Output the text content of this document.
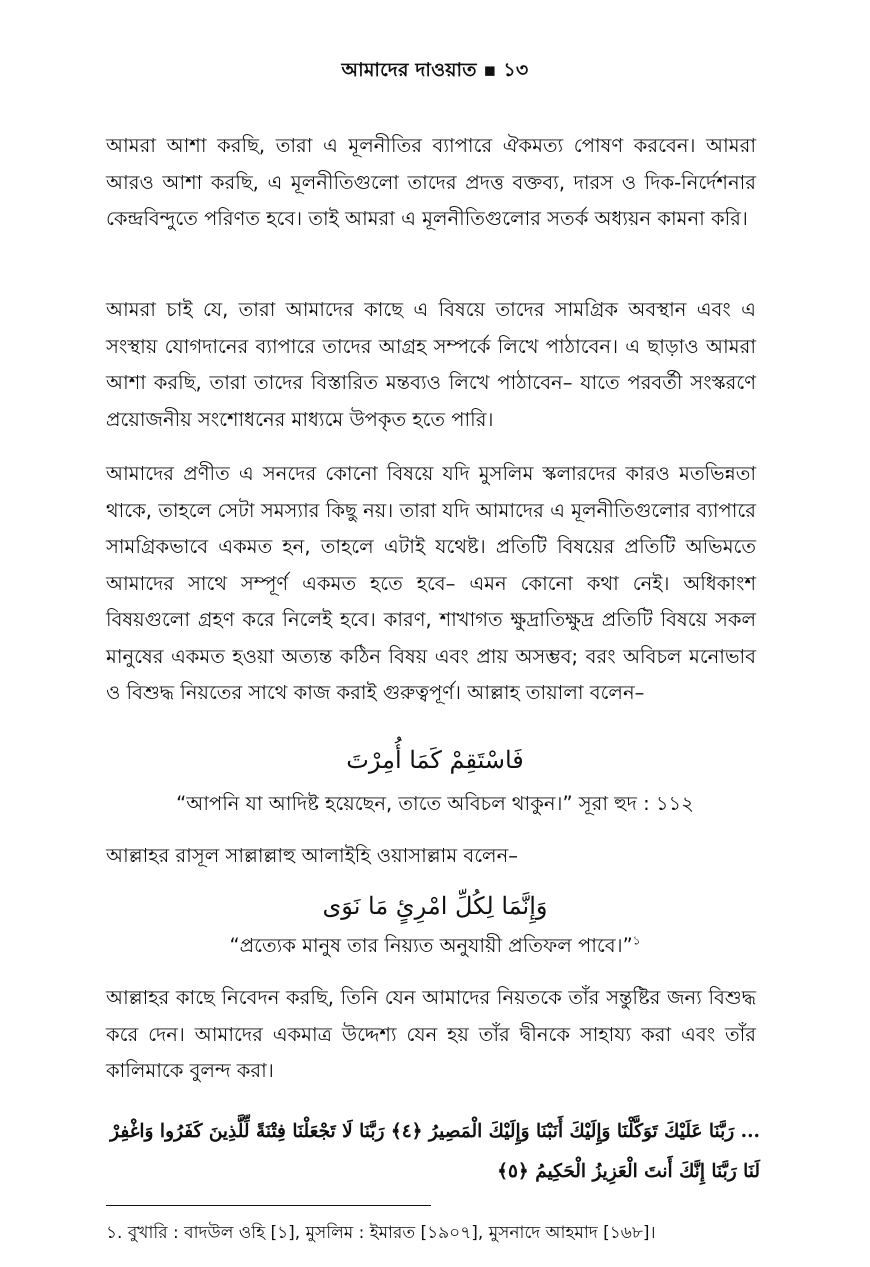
আমাদের দাওয়াত ▪ ১৩

আমরা আশা করছি, তারা এ মূলনীতির ব্যাপারে ঐকমত্য পোষণ করবেন। আমরা আরও আশা করছি, এ মূলনীতিগুলো তাদের প্রদত্ত বক্তব্য, দারস ও দিক-নির্দেশনার কেন্দ্রবিন্দুতে পরিণত হবে। তাই আমরা এ মূলনীতিগুলোর সতর্ক অধ্যয়ন কামনা করি।

আমরা চাই যে, তারা আমাদের কাছে এ বিষয়ে তাদের সামগ্রিক অবস্থান এবং এ সংস্থায় যোগদানের ব্যাপারে তাদের আগ্রহ সম্পর্কে লিখে পাঠাবেন। এ ছাড়াও আমরা আশা করছি, তারা তাদের বিস্তারিত মন্তব্যও লিখে পাঠাবেন– যাতে পরবর্তী সংস্করণে প্রয়োজনীয় সংশোধনের মাধ্যমে উপকৃত হতে পারি।

আমাদের প্রণীত এ সনদের কোনো বিষয়ে যদি মুসলিম স্কলারদের কারও মতভিন্নতা থাকে, তাহলে সেটা সমস্যার কিছু নয়। তারা যদি আমাদের এ মূলনীতিগুলোর ব্যাপারে সামগ্রিকভাবে একমত হন, তাহলে এটাই যথেষ্ট। প্রতিটি বিষয়ের প্রতিটি অভিমতে আমাদের সাথে সম্পূর্ণ একমত হতে হবে– এমন কোনো কথা নেই। অধিকাংশ বিষয়গুলো গ্রহণ করে নিলেই হবে। কারণ, শাখাগত ক্ষুদ্রাতিক্ষুদ্র প্রতিটি বিষয়ে সকল মানুষের একমত হওয়া অত্যন্ত কঠিন বিষয় এবং প্রায় অসম্ভব; বরং অবিচল মনোভাব ও বিশুদ্ধ নিয়তের সাথে কাজ করাই গুরুত্বপূর্ণ। আল্লাহ তায়ালা বলেন–

فَاسْتَقِمْ كَمَا أُمِرْتَ
“আপনি যা আদিষ্ট হয়েছেন, তাতে অবিচল থাকুন।” সূরা হুদ : ১১২
আল্লাহর রাসূল সাল্লাল্লাহু আলাইহি ওয়াসাল্লাম বলেন–
وَإِنَّمَا لِكُلِّ امْرِئٍ مَا نَوَى
“প্রত্যেক মানুষ তার নিয়্যত অনুযায়ী প্রতিফল পাবে।”$^১$

আল্লাহর কাছে নিবেদন করছি, তিনি যেন আমাদের নিয়তকে তাঁর সন্তুষ্টির জন্য বিশুদ্ধ করে দেন। আমাদের একমাত্র উদ্দেশ্য যেন হয় তাঁর দ্বীনকে সাহায্য করা এবং তাঁর কালিমাকে বুলন্দ করা।

... رَبَّنَا عَلَيْكَ تَوَكَّلْنَا وَإِلَيْكَ أَنَبْنَا وَإِلَيْكَ الْمَصِيرُ ﴿٤﴾ رَبَّنَا لَا تَجْعَلْنَا فِتْنَةً لِّلَّذِينَ كَفَرُوا وَاغْفِرْ
لَنَا رَبَّنَا إِنَّكَ أَنتَ الْعَزِيزُ الْحَكِيمُ ﴿٥﴾
১. বুখারি : বাদউল ওহি [১], মুসলিম : ইমারত [১৯০৭], মুসনাদে আহমাদ [১৬৮]।
